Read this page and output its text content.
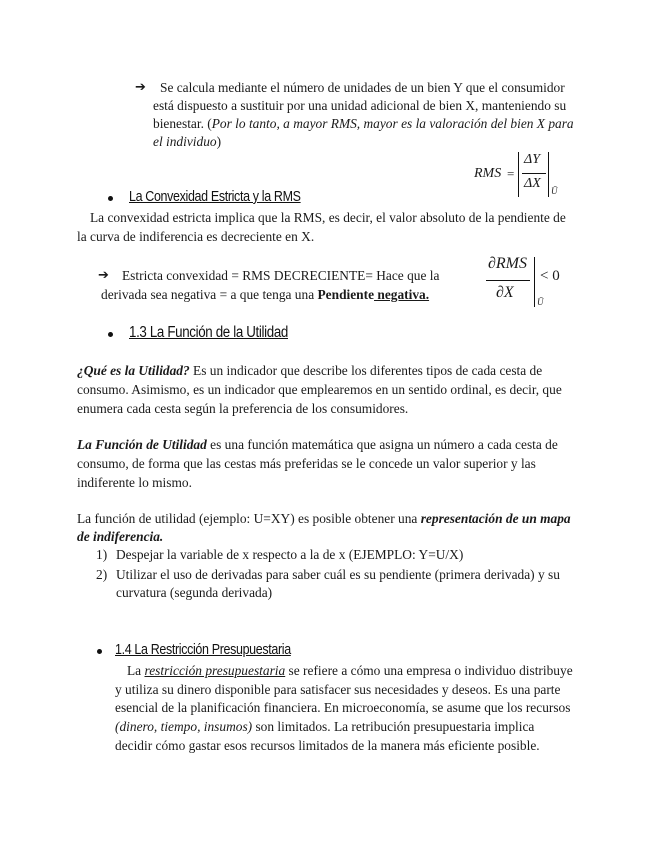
➔ Se calcula mediante el número de unidades de un bien Y que el consumidor
está dispuesto a sustituir por una unidad adicional de bien X, manteniendo su
bienestar. (Por lo tanto, a mayor RMS, mayor es la valoración del bien X para
el individuo)
RMS =
ΔY
ΔX Ū
La Convexidad Estricta y la RMS
La convexidad estricta implica que la RMS, es decir, el valor absoluto de la pendiente de
la curva de indiferencia es decreciente en X.
➔ Estricta convexidad = RMS DECRECIENTE= Hace que la
derivada sea negativa = a que tenga una Pendiente negativa.
∂RMS
∂X
Ū
< 0
1.3 La Función de la Utilidad
¿Qué es la Utilidad? Es un indicador que describe los diferentes tipos de cada cesta de
consumo. Asimismo, es un indicador que emplearemos en un sentido ordinal, es decir, que
enumera cada cesta según la preferencia de los consumidores.
La Función de Utilidad es una función matemática que asigna un número a cada cesta de
consumo, de forma que las cestas más preferidas se le concede un valor superior y las
indiferente lo mismo.
La función de utilidad (ejemplo: U=XY) es posible obtener una representación de un mapa
de indiferencia.
1) Despejar la variable de x respecto a la de x (EJEMPLO: Y=U/X)
2) Utilizar el uso de derivadas para saber cuál es su pendiente (primera derivada) y su
curvatura (segunda derivada)
1.4 La Restricción Presupuestaria
La restricción presupuestaria se refiere a cómo una empresa o individuo distribuye
y utiliza su dinero disponible para satisfacer sus necesidades y deseos. Es una parte
esencial de la planificación financiera. En microeconomía, se asume que los recursos
(dinero, tiempo, insumos) son limitados. La retribución presupuestaria implica
decidir cómo gastar esos recursos limitados de la manera más eficiente posible.
